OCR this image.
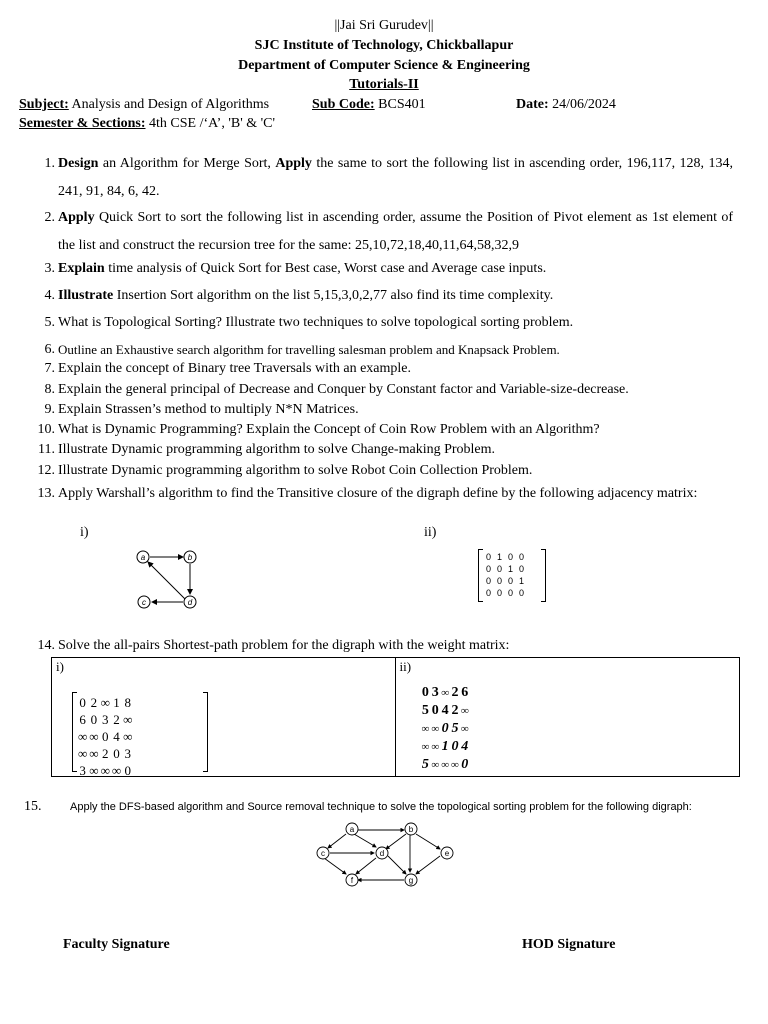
||Jai Sri Gurudev||
SJC Institute of Technology, Chickballapur
Department of Computer Science & Engineering
Tutorials-II
Subject: Analysis and Design of Algorithms	Sub Code: BCS401	Date: 24/06/2024
Semester & Sections: 4th CSE /‘A’, 'B' & 'C'
1. Design an Algorithm for Merge Sort, Apply the same to sort the following list in ascending order, 196,117, 128, 134, 241, 91, 84, 6, 42.
2. Apply Quick Sort to sort the following list in ascending order, assume the Position of Pivot element as 1st element of the list and construct the recursion tree for the same: 25,10,72,18,40,11,64,58,32,9
3. Explain time analysis of Quick Sort for Best case, Worst case and Average case inputs.
4. Illustrate Insertion Sort algorithm on the list 5,15,3,0,2,77 also find its time complexity.
5. What is Topological Sorting? Illustrate two techniques to solve topological sorting problem.
6. Outline an Exhaustive search algorithm for travelling salesman problem and Knapsack Problem.
7. Explain the concept of Binary tree Traversals with an example.
8. Explain the general principal of Decrease and Conquer by Constant factor and Variable-size-decrease.
9. Explain Strassen’s method to multiply N*N Matrices.
10. What is Dynamic Programming? Explain the Concept of Coin Row Problem with an Algorithm?
11. Illustrate Dynamic programming algorithm to solve Change-making Problem.
12. Illustrate Dynamic programming algorithm to solve Robot Coin Collection Problem.
13. Apply Warshall’s algorithm to find the Transitive closure of the digraph define by the following adjacency matrix:
i)	ii)
a	b
c	d
0	1	0	0
0	0	1	0
0	0	0	1
0	0	0	0
14. Solve the all-pairs Shortest-path problem for the digraph with the weight matrix:
i)
0	2	∞	1	8
6	0	3	2	∞
∞	∞	0	4	∞
∞	∞	2	0	3
3	∞	∞	∞	0

ii)
0	3	∞	2	6
5	0	4	2	∞
∞	∞	0	5	∞
∞	∞	1	0	4
5	∞	∞	∞	0
15.	Apply the DFS-based algorithm and Source removal technique to solve the topological sorting problem for the following digraph:
a	b
c	d	e
f	g
Faculty Signature	HOD Signature
